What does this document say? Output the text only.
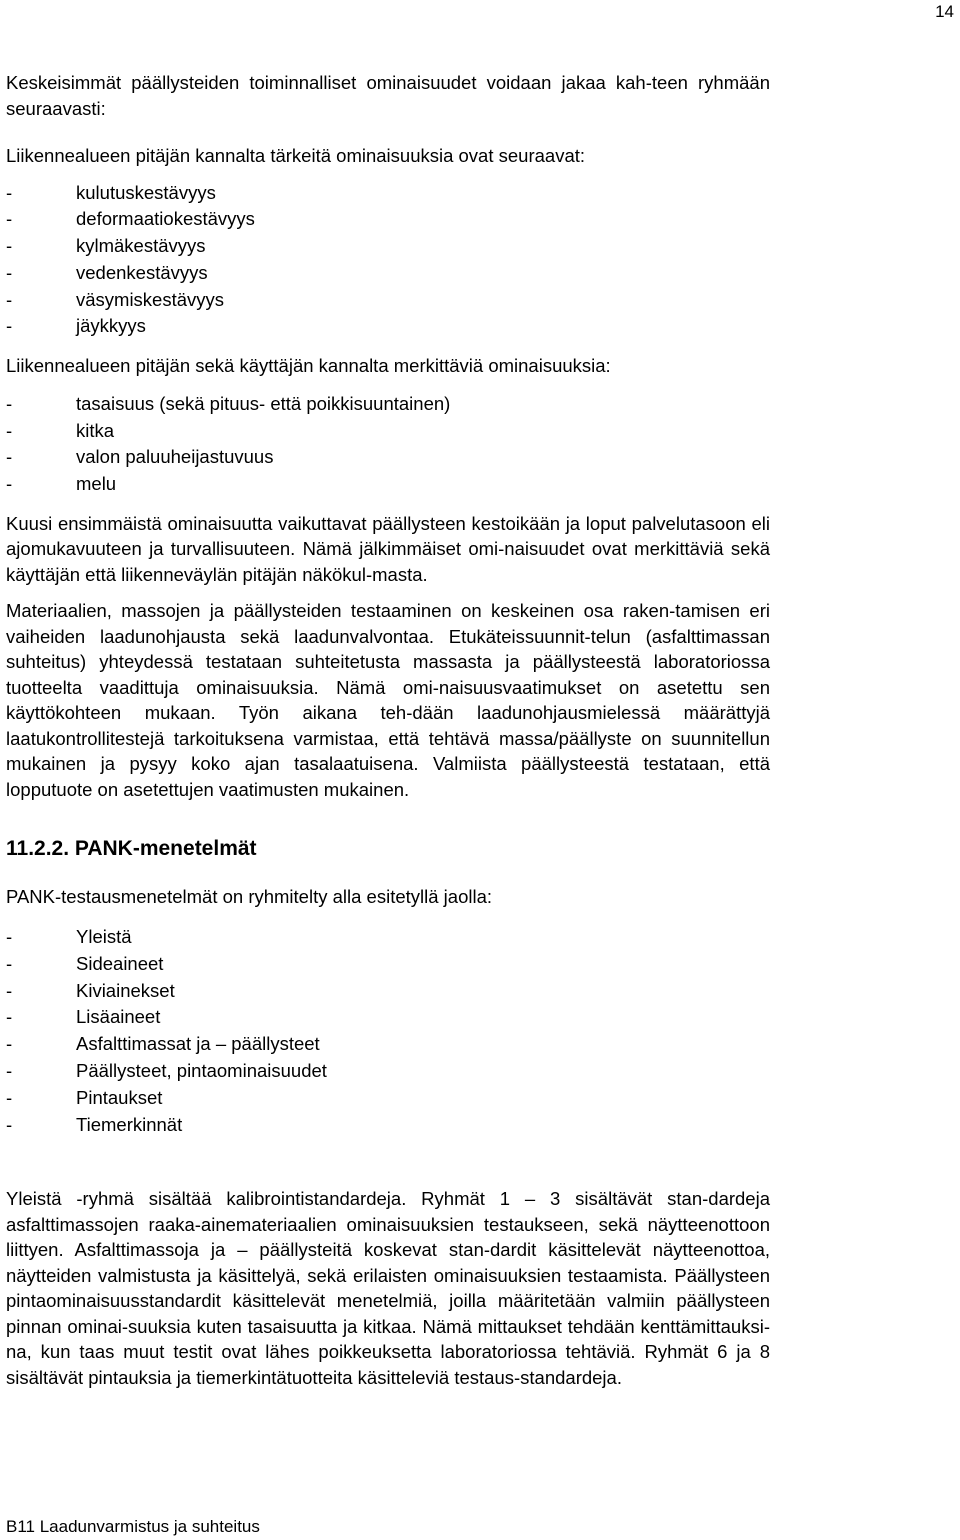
14

Keskeisimmät päällysteiden toiminnalliset ominaisuudet voidaan jakaa kah-teen ryhmään seuraavasti:

Liikennealueen pitäjän kannalta tärkeitä ominaisuuksia ovat seuraavat:

-
kulutuskestävyys
-
deformaatiokestävyys
-
kylmäkestävyys
-
vedenkestävyys
-
väsymiskestävyys
-
jäykkyys

Liikennealueen pitäjän sekä käyttäjän kannalta merkittäviä ominaisuuksia:

-
tasaisuus (sekä pituus- että poikkisuuntainen)
-
kitka
-
valon paluuheijastuvuus
-
melu

Kuusi ensimmäistä ominaisuutta vaikuttavat päällysteen kestoikään ja loput palvelutasoon eli ajomukavuuteen ja turvallisuuteen. Nämä jälkimmäiset omi-naisuudet ovat merkittäviä sekä käyttäjän että liikenneväylän pitäjän näkökul-masta.

Materiaalien, massojen ja päällysteiden testaaminen on keskeinen osa raken-tamisen eri vaiheiden laadunohjausta sekä laadunvalvontaa. Etukäteissuunnit-telun (asfalttimassan suhteitus) yhteydessä testataan suhteitetusta massasta ja päällysteestä laboratoriossa tuotteelta vaadittuja ominaisuuksia. Nämä omi-naisuusvaatimukset on asetettu sen käyttökohteen mukaan. Työn aikana teh-dään laadunohjausmielessä määrättyjä laatukontrollitestejä tarkoituksena varmistaa, että tehtävä massa/päällyste on suunnitellun mukainen ja pysyy koko ajan tasalaatuisena. Valmiista päällysteestä testataan, että lopputuote on asetettujen vaatimusten mukainen.

11.2.2. PANK-menetelmät

PANK-testausmenetelmät on ryhmitelty alla esitetyllä jaolla:

-
Yleistä
-
Sideaineet
-
Kiviainekset
-
Lisäaineet
-
Asfalttimassat ja – päällysteet
-
Päällysteet, pintaominaisuudet
-
Pintaukset
-
Tiemerkinnät

Yleistä -ryhmä sisältää kalibrointistandardeja. Ryhmät 1 – 3 sisältävät stan-dardeja asfalttimassojen raaka-ainemateriaalien ominaisuuksien testaukseen, sekä näytteenottoon liittyen. Asfalttimassoja ja – päällysteitä koskevat stan-dardit käsittelevät näytteenottoa, näytteiden valmistusta ja käsittelyä, sekä erilaisten ominaisuuksien testaamista. Päällysteen pintaominaisuusstandardit käsittelevät menetelmiä, joilla määritetään valmiin päällysteen pinnan ominai-suuksia kuten tasaisuutta ja kitkaa. Nämä mittaukset tehdään kenttämittauksi-na, kun taas muut testit ovat lähes poikkeuksetta laboratoriossa tehtäviä. Ryhmät 6 ja 8 sisältävät pintauksia ja tiemerkintätuotteita käsitteleviä testaus-standardeja.

B11 Laadunvarmistus ja suhteitus
